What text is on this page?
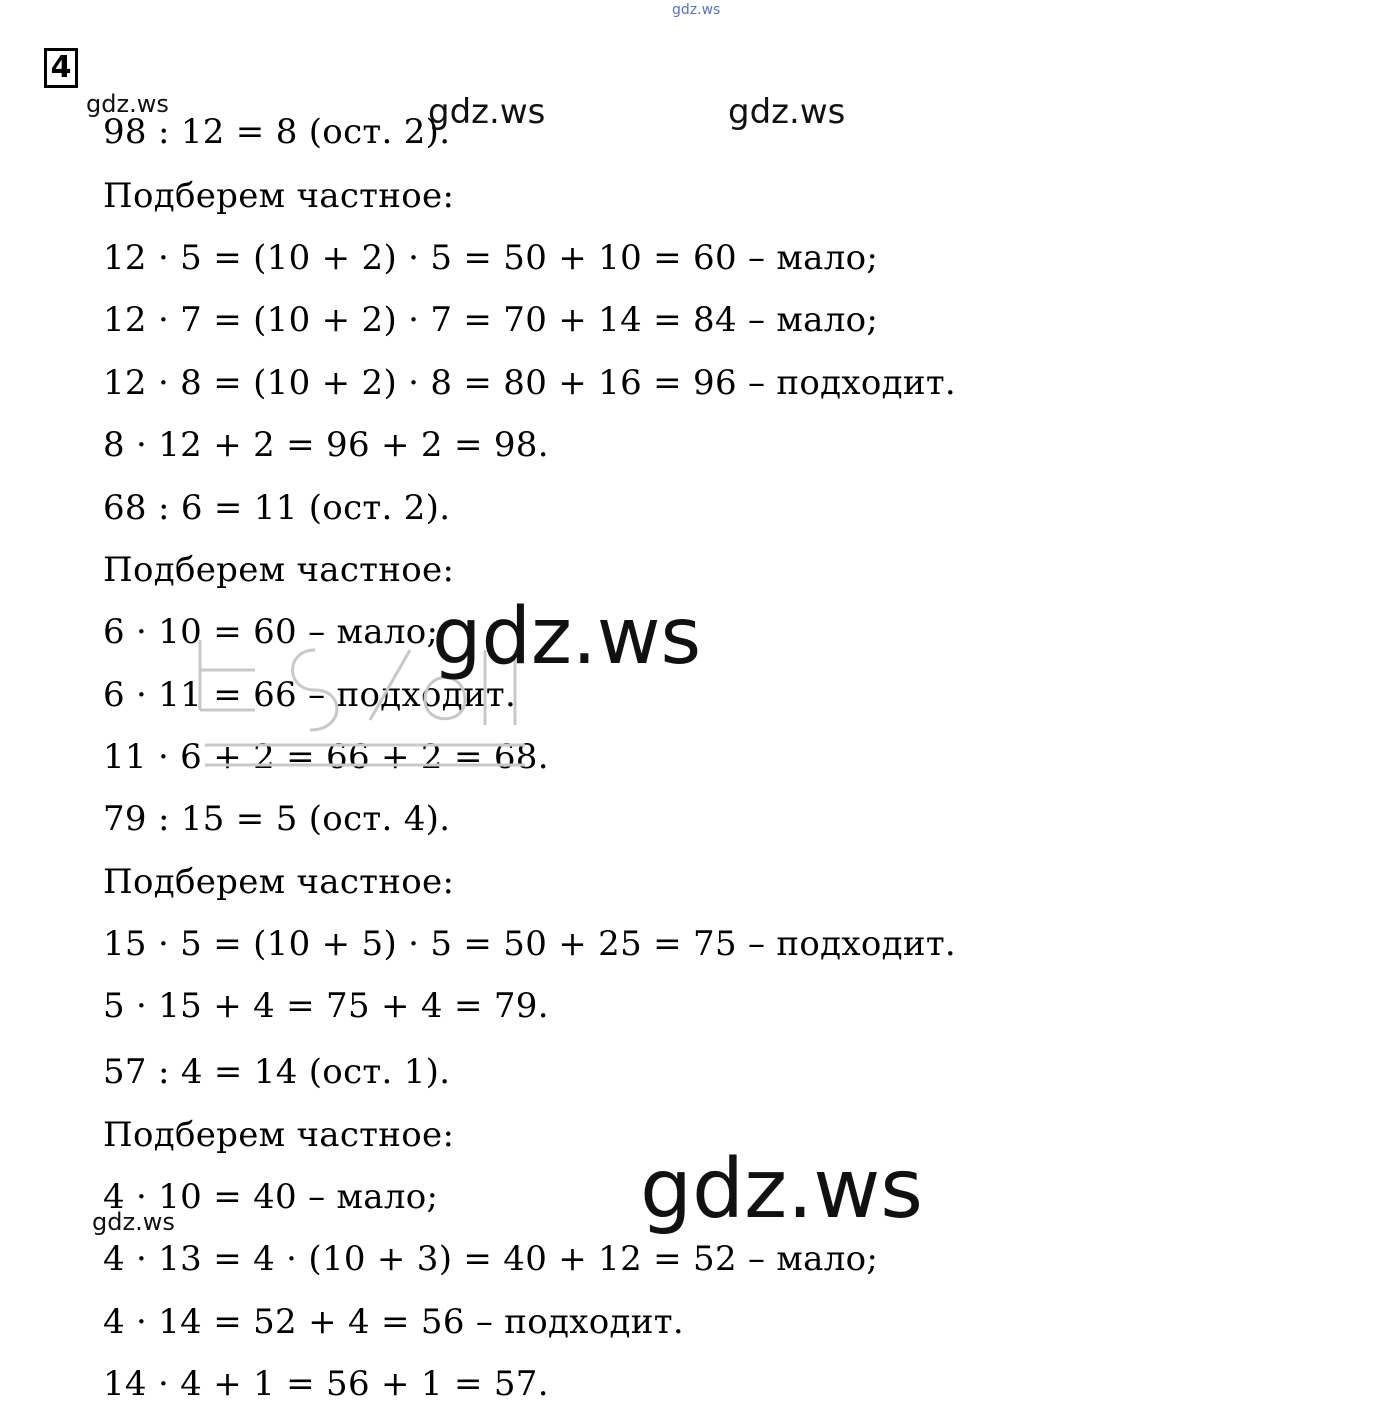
4
98 : 12 = 8 (ост. 2).
Подберем частное:
12 · 5 = (10 + 2) · 5 = 50 + 10 = 60 – мало;
12 · 7 = (10 + 2) · 7 = 70 + 14 = 84 – мало;
12 · 8 = (10 + 2) · 8 = 80 + 16 = 96 – подходит.
8 · 12 + 2 = 96 + 2 = 98.
68 : 6 = 11 (ост. 2).
Подберем частное:
6 · 10 = 60 – мало;
6 · 11 = 66 – подходит.
11 · 6 + 2 = 66 + 2 = 68.
79 : 15 = 5 (ост. 4).
Подберем частное:
15 · 5 = (10 + 5) · 5 = 50 + 25 = 75 – подходит.
5 · 15 + 4 = 75 + 4 = 79.
57 : 4 = 14 (ост. 1).
Подберем частное:
4 · 10 = 40 – мало;
4 · 13 = 4 · (10 + 3) = 40 + 12 = 52 – мало;
4 · 14 = 52 + 4 = 56 – подходит.
14 · 4 + 1 = 56 + 1 = 57.
gdz.ws
gdz.ws	gdz.ws	gdz.ws
gdz.ws
gdz.ws
gdz.ws
